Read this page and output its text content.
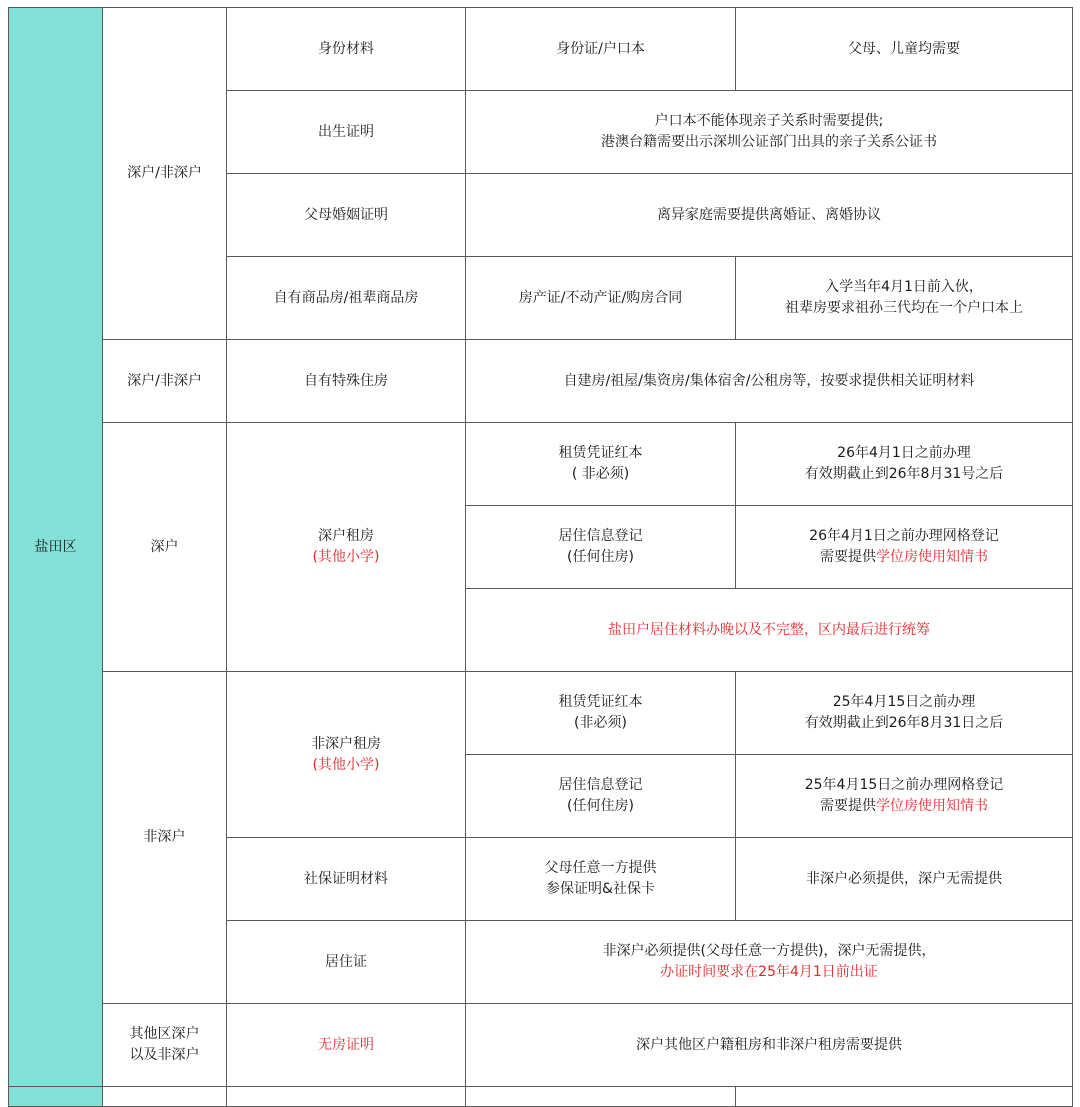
盐田区	深户/非深户	身份材料	身份证/户口本	父母、儿童均需要
		出生证明	户口本不能体现亲子关系时需要提供;
港澳台籍需要出示深圳公证部门出具的亲子关系公证书	

		父母婚姻证明	离异家庭需要提供离婚证、离婚协议	
		自有商品房/祖辈商品房	房产证/不动产证/购房合同	入学当年4月1日前入伙，
祖辈房要求祖孙三代均在一个户口本上

	深户/非深户	自有特殊住房	自建房/祖屋/集资房/集体宿舍/公租房等，按要求提供相关证明材料	
	深户	深户租房
(其他小学)	租赁凭证红本
( 非必须)	26年4月1日之前办理
有效期截止到26年8月31号之后

			居住信息登记
(任何住房)	26年4月1日之前办理网格登记
需要提供学位房使用知情书

			盐田户居住材料办晚以及不完整，区内最后进行统筹	
	非深户	非深户租房
(其他小学)	租赁凭证红本
(非必须)	25年4月15日之前办理
有效期截止到26年8月31日之后

			居住信息登记
(任何住房)	25年4月15日之前办理网格登记
需要提供学位房使用知情书

		社保证明材料	父母任意一方提供
参保证明&社保卡	非深户必须提供，深户无需提供
		居住证	非深户必须提供(父母任意一方提供)，深户无需提供，
办证时间要求在25年4月1日前出证	

	其他区深户
以及非深户	无房证明	深户其他区户籍租房和非深户租房需要提供	
